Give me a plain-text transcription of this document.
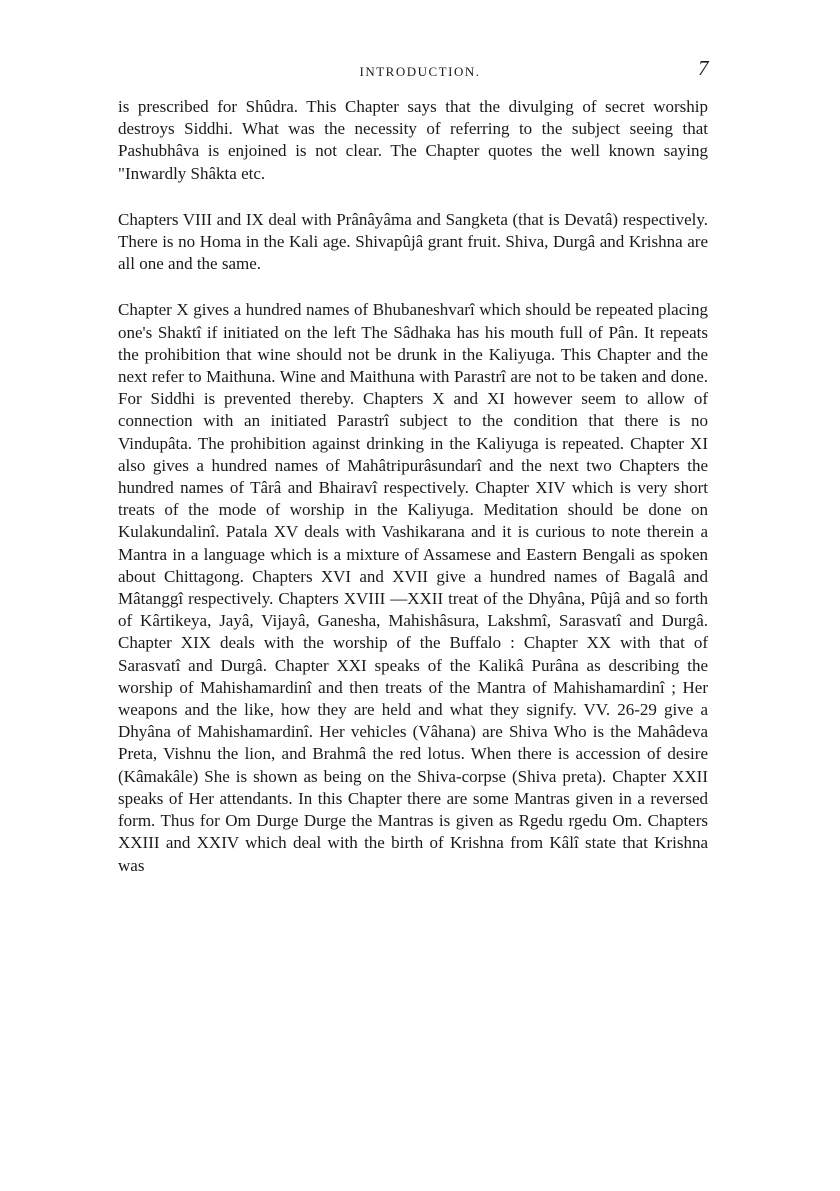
INTRODUCTION.	7

is prescribed for Shûdra. This Chapter says that the divulging of secret worship destroys Siddhi. What was the necessity of referring to the subject seeing that Pashubhâva is enjoined is not clear. The Chapter quotes the well known saying "Inwardly Shâkta etc.

Chapters VIII and IX deal with Prânâyâma and Sangketa (that is Devatâ) respectively. There is no Homa in the Kali age. Shivapûjâ grant fruit. Shiva, Durgâ and Krishna are all one and the same.

Chapter X gives a hundred names of Bhubaneshvarî which should be repeated placing one's Shaktî if initiated on the left The Sâdhaka has his mouth full of Pân. It repeats the prohibition that wine should not be drunk in the Kaliyuga. This Chapter and the next refer to Maithuna. Wine and Maithuna with Parastrî are not to be taken and done. For Siddhi is prevented thereby. Chapters X and XI however seem to allow of connection with an initiated Parastrî subject to the condition that there is no Vindupâta. The prohibition against drinking in the Kaliyuga is repeated. Chapter XI also gives a hundred names of Mahâtripurâsundarî and the next two Chapters the hundred names of Târâ and Bhairavî respectively. Chapter XIV which is very short treats of the mode of worship in the Kaliyuga. Meditation should be done on Kulakundalinî. Patala XV deals with Vashikarana and it is curious to note therein a Mantra in a language which is a mixture of Assamese and Eastern Bengali as spoken about Chittagong. Chapters XVI and XVII give a hundred names of Bagalâ and Mâtanggî respectively. Chapters XVIII —XXII treat of the Dhyâna, Pûjâ and so forth of Kârtikeya, Jayâ, Vijayâ, Ganesha, Mahishâsura, Lakshmî, Sarasvatî and Durgâ. Chapter XIX deals with the worship of the Buffalo : Chapter XX with that of Sarasvatî and Durgâ. Chapter XXI speaks of the Kalikâ Purâna as describing the worship of Mahishamardinî and then treats of the Mantra of Mahishamardinî ; Her weapons and the like, how they are held and what they signify. VV. 26-29 give a Dhyâna of Mahishamardinî. Her vehicles (Vâhana) are Shiva Who is the Mahâdeva Preta, Vishnu the lion, and Brahmâ the red lotus. When there is accession of desire (Kâmakâle) She is shown as being on the Shiva-corpse (Shiva preta). Chapter XXII speaks of Her attendants. In this Chapter there are some Mantras given in a reversed form. Thus for Om Durge Durge the Mantras is given as Rgedu rgedu Om. Chapters XXIII and XXIV which deal with the birth of Krishna from Kâlî state that Krishna was
